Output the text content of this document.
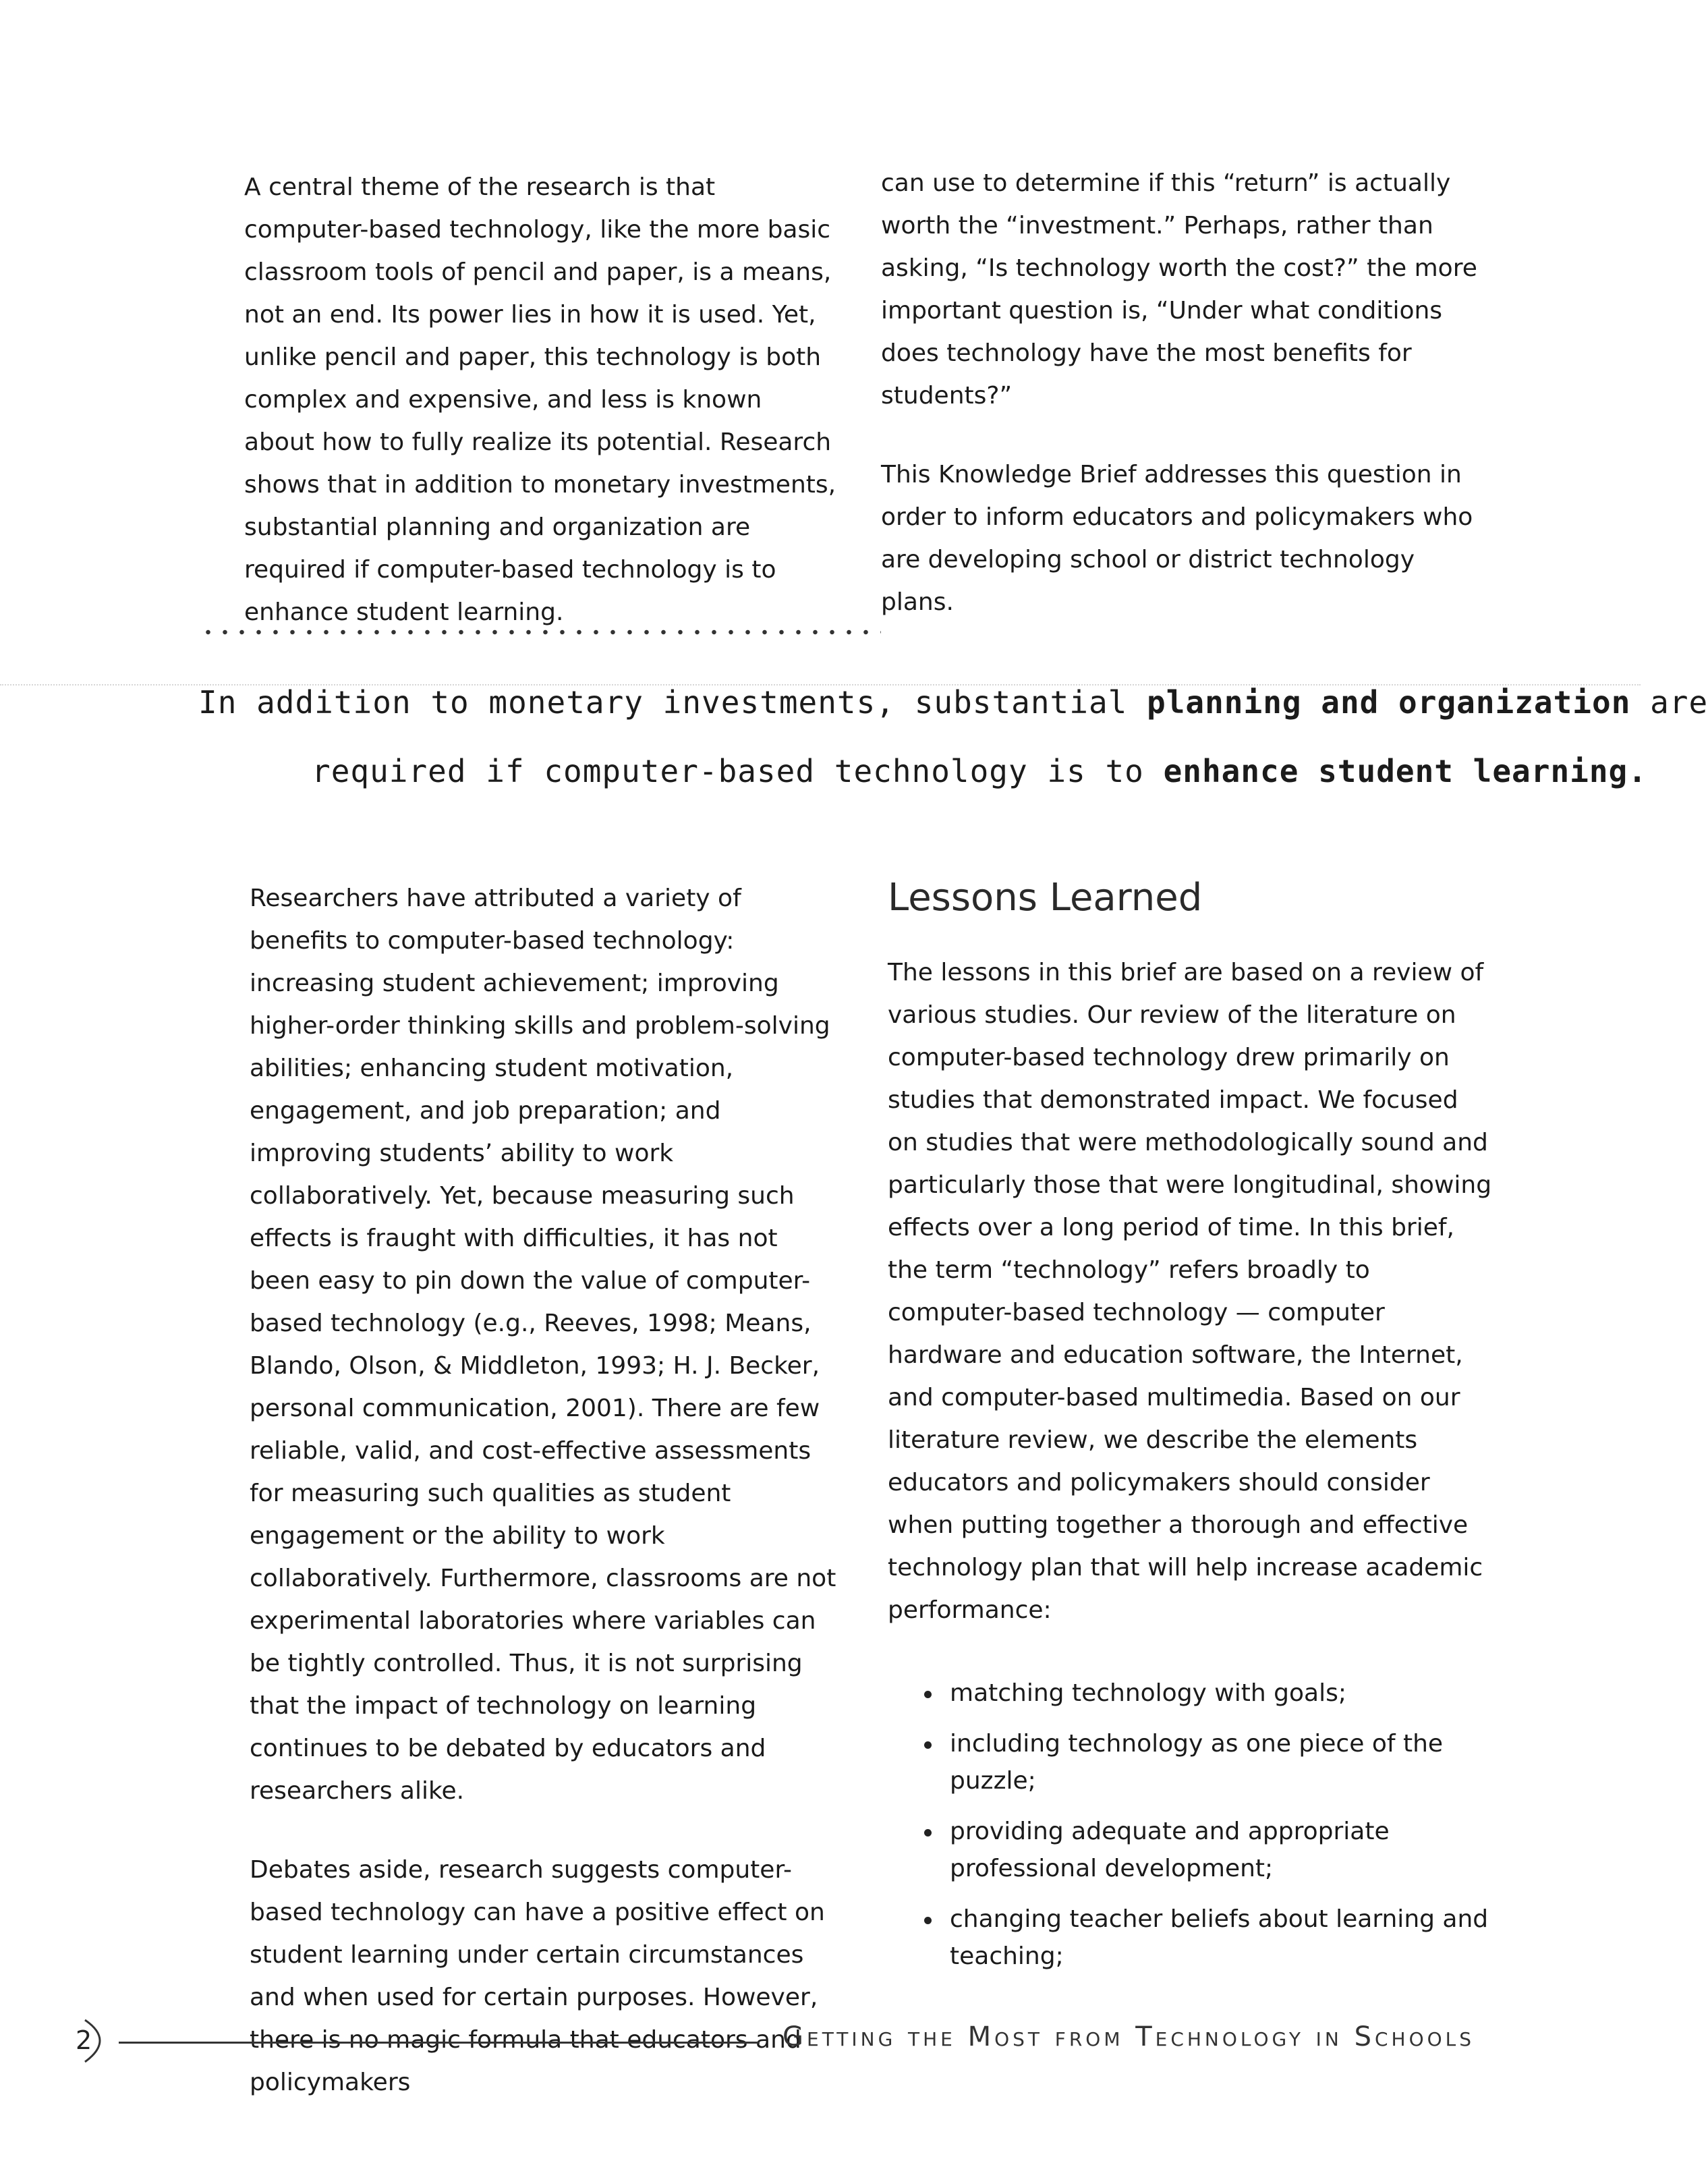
A central theme of the research is that computer-based technology, like the more basic classroom tools of pencil and paper, is a means, not an end. Its power lies in how it is used. Yet, unlike pencil and paper, this technology is both complex and expensive, and less is known about how to fully realize its potential. Research shows that in addition to monetary investments, substantial planning and organization are required if computer-based technology is to enhance student learning.

can use to determine if this “return” is actually worth the “investment.” Perhaps, rather than asking, “Is technology worth the cost?” the more important question is, “Under what conditions does technology have the most benefits for students?”

This Knowledge Brief addresses this question in order to inform educators and policymakers who are developing school or district technology plans.

In addition to monetary investments, substantial planning and organization are
required if computer-based technology is to enhance student learning.

Researchers have attributed a variety of benefits to computer-based technology: increasing student achievement; improving higher-order thinking skills and problem-solving abilities; enhancing student motivation, engagement, and job preparation; and improving students’ ability to work collaboratively. Yet, because measuring such effects is fraught with difficulties, it has not been easy to pin down the value of computer-based technology (e.g., Reeves, 1998; Means, Blando, Olson, & Middleton, 1993; H. J. Becker, personal communication, 2001). There are few reliable, valid, and cost-effective assessments for measuring such qualities as student engagement or the ability to work collaboratively. Furthermore, classrooms are not experimental laboratories where variables can be tightly controlled. Thus, it is not surprising that the impact of technology on learning continues to be debated by educators and researchers alike.

Debates aside, research suggests computer-based technology can have a positive effect on student learning under certain circumstances and when used for certain purposes. However, there is no magic formula that educators and policymakers

Lessons Learned

The lessons in this brief are based on a review of various studies. Our review of the literature on computer-based technology drew primarily on studies that demonstrated impact. We focused on studies that were methodologically sound and particularly those that were longitudinal, showing effects over a long period of time. In this brief, the term “technology” refers broadly to computer-based technology — computer hardware and education software, the Internet, and computer-based multimedia. Based on our literature review, we describe the elements educators and policymakers should consider when putting together a thorough and effective technology plan that will help increase academic performance:

matching technology with goals;
including technology as one piece of the puzzle;
providing adequate and appropriate professional development;
changing teacher beliefs about learning and teaching;
2	Getting the Most from Technology in Schools
